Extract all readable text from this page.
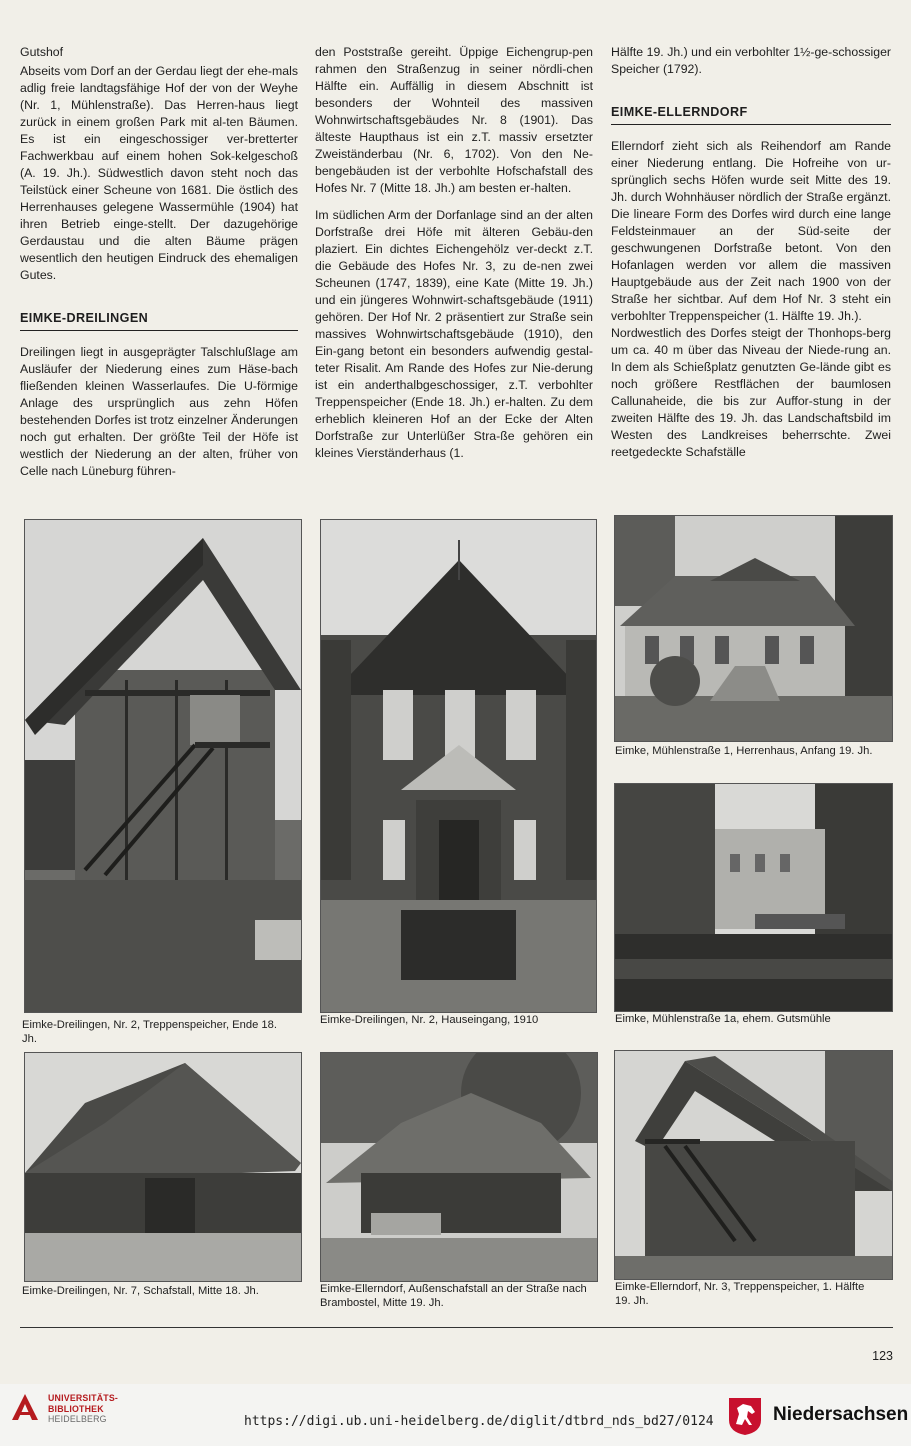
Gutshof

Abseits vom Dorf an der Gerdau liegt der ehe-mals adlig freie landtagsfähige Hof der von der Weyhe (Nr. 1, Mühlenstraße). Das Herren-haus liegt zurück in einem großen Park mit al-ten Bäumen. Es ist ein eingeschossiger ver-bretterter Fachwerkbau auf einem hohen Sok-kelgeschoß (A. 19. Jh.). Südwestlich davon steht noch das Teilstück einer Scheune von 1681. Die östlich des Herrenhauses gelegene Wassermühle (1904) hat ihren Betrieb einge-stellt. Der dazugehörige Gerdaustau und die alten Bäume prägen wesentlich den heutigen Eindruck des ehemaligen Gutes.

EIMKE-DREILINGEN

Dreilingen liegt in ausgeprägter Talschlußlage am Ausläufer der Niederung eines zum Häse-bach fließenden kleinen Wasserlaufes. Die U-förmige Anlage des ursprünglich aus zehn Höfen bestehenden Dorfes ist trotz einzelner Änderungen noch gut erhalten. Der größte Teil der Höfe ist westlich der Niederung an der alten, früher von Celle nach Lüneburg führen-

den Poststraße gereiht. Üppige Eichengrup-pen rahmen den Straßenzug in seiner nördli-chen Hälfte ein. Auffällig in diesem Abschnitt ist besonders der Wohnteil des massiven Wohnwirtschaftsgebäudes Nr. 8 (1901). Das älteste Haupthaus ist ein z.T. massiv ersetzter Zweiständerbau (Nr. 6, 1702). Von den Ne-bengebäuden ist der verbohlte Hofschafstall des Hofes Nr. 7 (Mitte 18. Jh.) am besten er-halten.

Im südlichen Arm der Dorfanlage sind an der alten Dorfstraße drei Höfe mit älteren Gebäu-den plaziert. Ein dichtes Eichengehölz ver-deckt z.T. die Gebäude des Hofes Nr. 3, zu de-nen zwei Scheunen (1747, 1839), eine Kate (Mitte 19. Jh.) und ein jüngeres Wohnwirt-schaftsgebäude (1911) gehören. Der Hof Nr. 2 präsentiert zur Straße sein massives Wohnwirtschaftsgebäude (1910), den Ein-gang betont ein besonders aufwendig gestal-teter Risalit. Am Rande des Hofes zur Nie-derung ist ein anderthalbgeschossiger, z.T. verbohlter Treppenspeicher (Ende 18. Jh.) er-halten. Zu dem erheblich kleineren Hof an der Ecke der Alten Dorfstraße zur Unterlüßer Stra-ße gehören ein kleines Vierständerhaus (1.

Hälfte 19. Jh.) und ein verbohlter 1½-ge-schossiger Speicher (1792).

EIMKE-ELLERNDORF

Ellerndorf zieht sich als Reihendorf am Rande einer Niederung entlang. Die Hofreihe von ur-sprünglich sechs Höfen wurde seit Mitte des 19. Jh. durch Wohnhäuser nördlich der Straße ergänzt. Die lineare Form des Dorfes wird durch eine lange Feldsteinmauer an der Süd-seite der geschwungenen Dorfstraße betont. Von den Hofanlagen werden vor allem die massiven Hauptgebäude aus der Zeit nach 1900 von der Straße her sichtbar. Auf dem Hof Nr. 3 steht ein verbohlter Treppenspeicher (1. Hälfte 19. Jh.).

Nordwestlich des Dorfes steigt der Thonhops-berg um ca. 40 m über das Niveau der Niede-rung an. In dem als Schießplatz genutzten Ge-lände gibt es noch größere Restflächen der baumlosen Callunaheide, die bis zur Auffor-stung in der zweiten Hälfte des 19. Jh. das Landschaftsbild im Westen des Landkreises beherrschte. Zwei reetgedeckte Schafställe

Eimke-Dreilingen, Nr. 2, Treppenspeicher, Ende 18. Jh.
Eimke-Dreilingen, Nr. 2, Hauseingang, 1910
Eimke, Mühlenstraße 1, Herrenhaus, Anfang 19. Jh.
Eimke, Mühlenstraße 1a, ehem. Gutsmühle
Eimke-Dreilingen, Nr. 7, Schafstall, Mitte 18. Jh.	Eimke-Ellerndorf, Außenschafstall an der Straße nach Brambostel, Mitte 19. Jh.
Eimke-Ellerndorf, Nr. 3, Treppenspeicher, 1. Hälfte 19. Jh.
123
UNIVERSITÄTS-
BIBLIOTHEK
HEIDELBERG	https://digi.ub.uni-heidelberg.de/diglit/dtbrd_nds_bd27/0124	Niedersachsen
